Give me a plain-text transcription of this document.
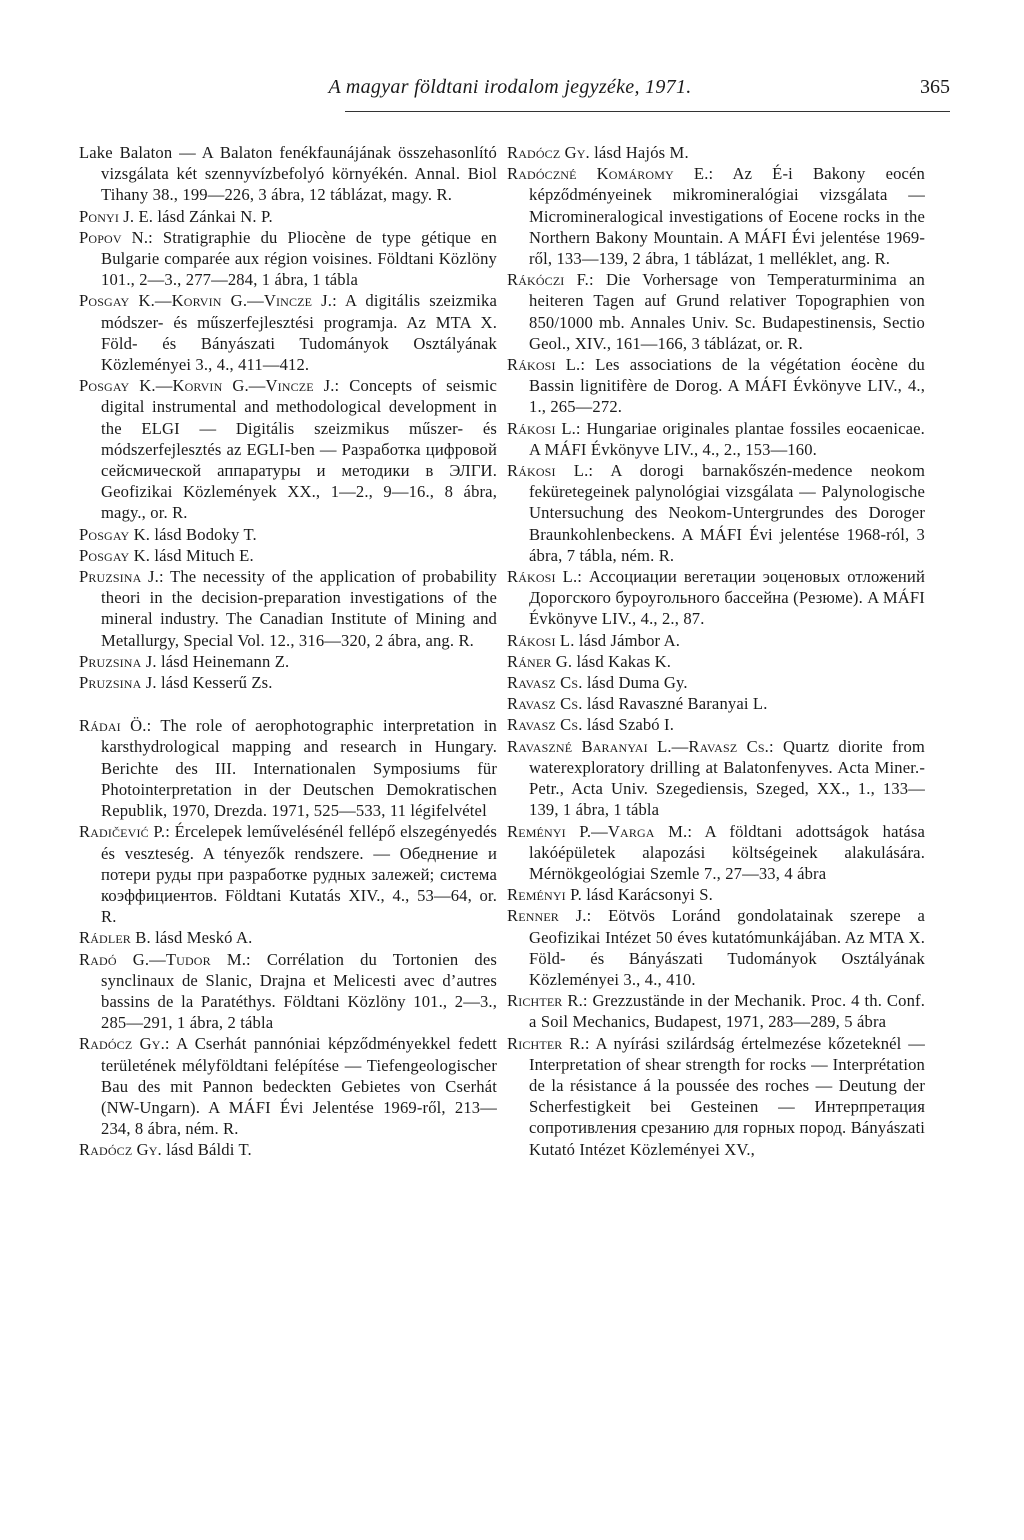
A magyar földtani irodalom jegyzéke, 1971.	365

Lake Balaton — A Balaton fenékfaunájának összehasonlító vizsgálata két szennyvízbefolyó környékén. Annal. Biol Tihany 38., 199—226, 3 ábra, 12 táblázat, magy. R.

Ponyi J. E. lásd Zánkai N. P.

Popov N.: Stratigraphie du Pliocène de type gétique en Bulgarie comparée aux région voisines. Földtani Közlöny 101., 2—3., 277—284, 1 ábra, 1 tábla

Posgay K.—Korvin G.—Vincze J.: A digitális szeizmika módszer- és műszerfejlesztési programja. Az MTA X. Föld- és Bányászati Tudományok Osztályának Közleményei 3., 4., 411—412.

Posgay K.—Korvin G.—Vincze J.: Concepts of seismic digital instrumental and methodological development in the ELGI — Digitális szeizmikus műszer- és módszerfejlesztés az EGLI-ben — Разработка цифровой сейсмической аппаратуры и методики в ЭЛГИ. Geofizikai Közlemények XX., 1—2., 9—16., 8 ábra, magy., or. R.

Posgay K. lásd Bodoky T.

Posgay K. lásd Mituch E.

Pruzsina J.: The necessity of the application of probability theori in the decision-preparation investigations of the mineral industry. The Canadian Institute of Mining and Metallurgy, Special Vol. 12., 316—320, 2 ábra, ang. R.

Pruzsina J. lásd Heinemann Z.

Pruzsina J. lásd Kesserű Zs.

Rádai Ö.: The role of aerophotographic interpretation in karsthydrological mapping and research in Hungary. Berichte des III. Internationalen Symposiums für Photointerpretation in der Deutschen Demokratischen Republik, 1970, Drezda. 1971, 525—533, 11 légifelvétel

Radičević P.: Ércelepek leművelésénél fellépő elszegényedés és veszteség. A tényezők rendszere. — Обеднение и потери руды при разработке рудных залежей; система коэффициентов. Földtani Kutatás XIV., 4., 53—64, or. R.

Rádler B. lásd Meskó A.

Radó G.—Tudor M.: Corrélation du Tortonien des synclinaux de Slanic, Drajna et Melicesti avec d’autres bassins de la Paratéthys. Földtani Közlöny 101., 2—3., 285—291, 1 ábra, 2 tábla

Radócz Gy.: A Cserhát pannóniai képződményekkel fedett területének mélyföldtani felépítése — Tiefengeologischer Bau des mit Pannon bedeckten Gebietes von Cserhát (NW-Ungarn). A MÁFI Évi Jelentése 1969-ről, 213—234, 8 ábra, ném. R.

Radócz Gy. lásd Báldi T.

Radócz Gy. lásd Hajós M.

Radóczné Komáromy E.: Az É-i Bakony eocén képződményeinek mikromineralógiai vizsgálata — Micromineralogical investigations of Eocene rocks in the Northern Bakony Mountain. A MÁFI Évi jelentése 1969-ről, 133—139, 2 ábra, 1 táblázat, 1 melléklet, ang. R.

Rákóczi F.: Die Vorhersage von Temperaturminima an heiteren Tagen auf Grund relativer Topographien von 850/1000 mb. Annales Univ. Sc. Budapestinensis, Sectio Geol., XIV., 161—166, 3 táblázat, or. R.

Rákosi L.: Les associations de la végétation éocène du Bassin lignitifère de Dorog. A MÁFI Évkönyve LIV., 4., 1., 265—272.

Rákosi L.: Hungariae originales plantae fossiles eocaenicae. A MÁFI Évkönyve LIV., 4., 2., 153—160.

Rákosi L.: A dorogi barnakőszén-medence neokom feküretegeinek palynológiai vizsgálata — Palynologische Untersuchung des Neokom-Untergrundes des Doroger Braunkohlenbeckens. A MÁFI Évi jelentése 1968-ról, 3 ábra, 7 tábla, ném. R.

Rákosi L.: Ассоциации вегетации эоценовых отложений Дорогского буроугольного бассейна (Резюме). A MÁFI Évkönyve LIV., 4., 2., 87.

Rákosi L. lásd Jámbor A.

Ráner G. lásd Kakas K.

Ravasz Cs. lásd Duma Gy.

Ravasz Cs. lásd Ravaszné Baranyai L.

Ravasz Cs. lásd Szabó I.

Ravaszné Baranyai L.—Ravasz Cs.: Quartz diorite from waterexploratory drilling at Balatonfenyves. Acta Miner.-Petr., Acta Univ. Szegediensis, Szeged, XX., 1., 133—139, 1 ábra, 1 tábla

Reményi P.—Varga M.: A földtani adottságok hatása lakóépületek alapozási költségeinek alakulására. Mérnökgeológiai Szemle 7., 27—33, 4 ábra

Reményi P. lásd Karácsonyi S.

Renner J.: Eötvös Loránd gondolatainak szerepe a Geofizikai Intézet 50 éves kutatómunkájában. Az MTA X. Föld- és Bányászati Tudományok Osztályának Közleményei 3., 4., 410.

Richter R.: Grezzustände in der Mechanik. Proc. 4 th. Conf. a Soil Mechanics, Budapest, 1971, 283—289, 5 ábra

Richter R.: A nyírási szilárdság értelmezése kőzeteknél — Interpretation of shear strength for rocks — Interprétation de la résistance á la poussée des roches — Deutung der Scherfestigkeit bei Gesteinen — Интерпретация сопротивления срезанию для горных пород. Bányászati Kutató Intézet Közleményei XV.,
